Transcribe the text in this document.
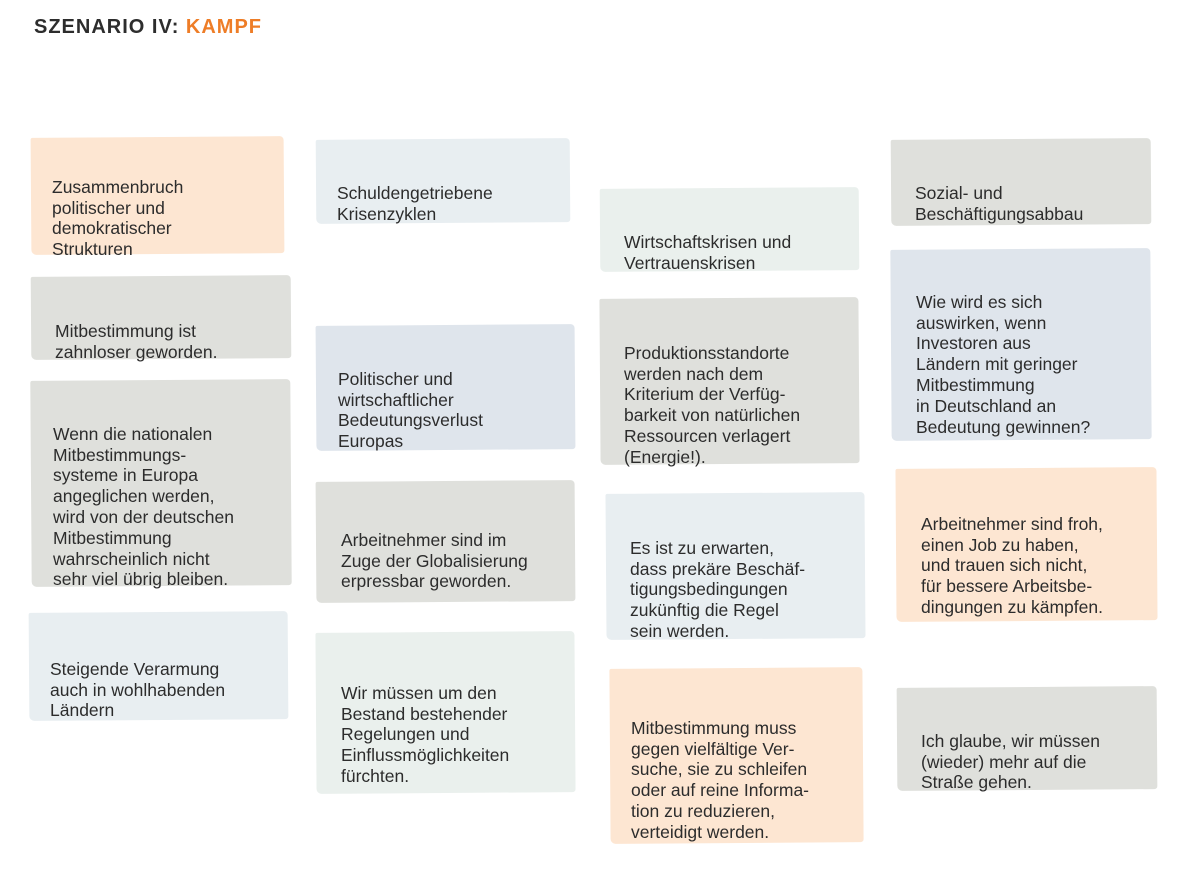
SZENARIO IV: KAMPF

Zusammenbruch
politischer und
demokratischer
Strukturen

Mitbestimmung ist
zahnloser geworden.

Wenn die nationalen
Mitbestimmungs-
systeme in Europa
angeglichen werden,
wird von der deutschen
Mitbestimmung
wahrscheinlich nicht
sehr viel übrig bleiben.

Steigende Verarmung
auch in wohlhabenden
Ländern

Schuldengetriebene
Krisenzyklen

Politischer und
wirtschaftlicher
Bedeutungsverlust
Europas

Arbeitnehmer sind im
Zuge der Globalisierung
erpressbar geworden.

Wir müssen um den
Bestand bestehender
Regelungen und
Einflussmöglichkeiten
fürchten.

Wirtschaftskrisen und
Vertrauenskrisen

Produktionsstandorte
werden nach dem
Kriterium der Verfüg-
barkeit von natürlichen
Ressourcen verlagert
(Energie!).

Es ist zu erwarten,
dass prekäre Beschäf-
tigungsbedingungen
zukünftig die Regel
sein werden.

Mitbestimmung muss
gegen vielfältige Ver-
suche, sie zu schleifen
oder auf reine Informa-
tion zu reduzieren,
verteidigt werden.

Sozial- und
Beschäftigungsabbau

Wie wird es sich
auswirken, wenn
Investoren aus
Ländern mit geringer
Mitbestimmung
in Deutschland an
Bedeutung gewinnen?

Arbeitnehmer sind froh,
einen Job zu haben,
und trauen sich nicht,
für bessere Arbeitsbe-
dingungen zu kämpfen.

Ich glaube, wir müssen
(wieder) mehr auf die
Straße gehen.
